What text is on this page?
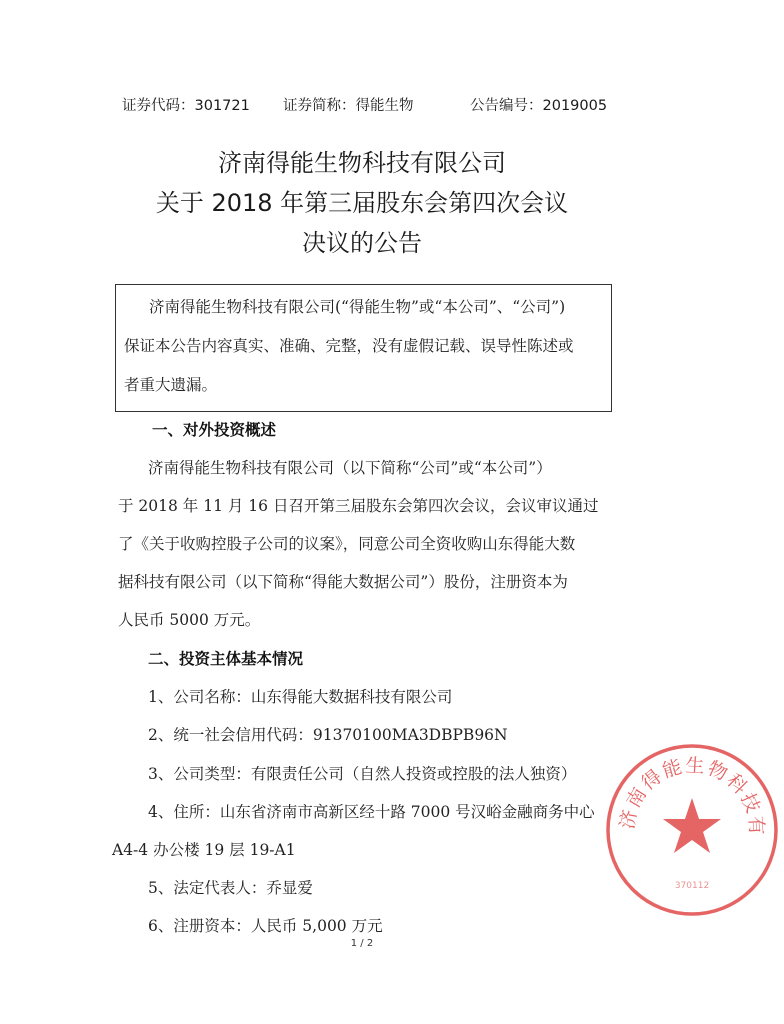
证券代码：301721 证券简称：得能生物	公告编号：2019005
济南得能生物科技有限公司
关于 2018 年第三届股东会第四次会议
决议的公告
济南得能生物科技有限公司(“得能生物”或“本公司”、“公司”)
保证本公告内容真实、准确、完整，没有虚假记载、误导性陈述或
者重大遗漏。
一、对外投资概述
济南得能生物科技有限公司（以下简称“公司”或“本公司”）
于 2018 年 11 月 16 日召开第三届股东会第四次会议，会议审议通过
了《关于收购控股子公司的议案》，同意公司全资收购山东得能大数
据科技有限公司（以下简称“得能大数据公司”）股份，注册资本为
人民币 5000 万元。
二、投资主体基本情况
1、公司名称：山东得能大数据科技有限公司
2、统一社会信用代码：91370100MA3DBPB96N
3、公司类型：有限责任公司（自然人投资或控股的法人独资）
4、住所：山东省济南市高新区经十路 7000 号汉峪金融商务中心
A4-4 办公楼 19 层 19-A1
5、法定代表人：乔显爱
6、注册资本：人民币 5,000 万元
1 / 2
济南得能生物科技有
370112
